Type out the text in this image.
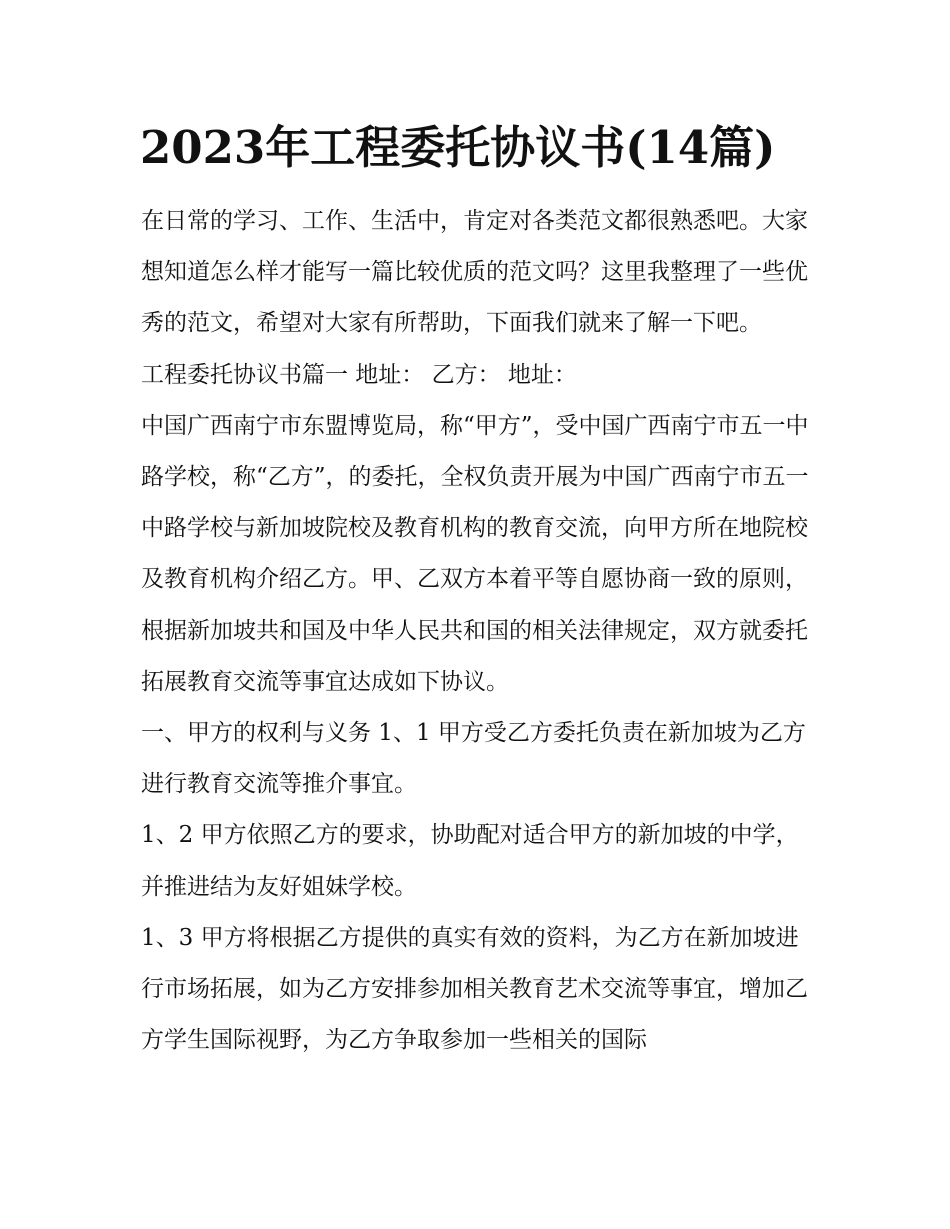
2023年工程委托协议书(14篇)

在日常的学习、工作、生活中，肯定对各类范文都很熟悉吧。大家想知道怎么样才能写一篇比较优质的范文吗？这里我整理了一些优秀的范文，希望对大家有所帮助，下面我们就来了解一下吧。

工程委托协议书篇一 地址： 乙方： 地址：

中国广西南宁市东盟博览局，称“甲方”，受中国广西南宁市五一中路学校，称“乙方”，的委托，全权负责开展为中国广西南宁市五一中路学校与新加坡院校及教育机构的教育交流，向甲方所在地院校及教育机构介绍乙方。甲、乙双方本着平等自愿协商一致的原则，根据新加坡共和国及中华人民共和国的相关法律规定，双方就委托拓展教育交流等事宜达成如下协议。

一、甲方的权利与义务 1、1 甲方受乙方委托负责在新加坡为乙方进行教育交流等推介事宜。

1、2 甲方依照乙方的要求，协助配对适合甲方的新加坡的中学，并推进结为友好姐妹学校。

1、3 甲方将根据乙方提供的真实有效的资料，为乙方在新加坡进行市场拓展，如为乙方安排参加相关教育艺术交流等事宜，增加乙方学生国际视野，为乙方争取参加一些相关的国际
